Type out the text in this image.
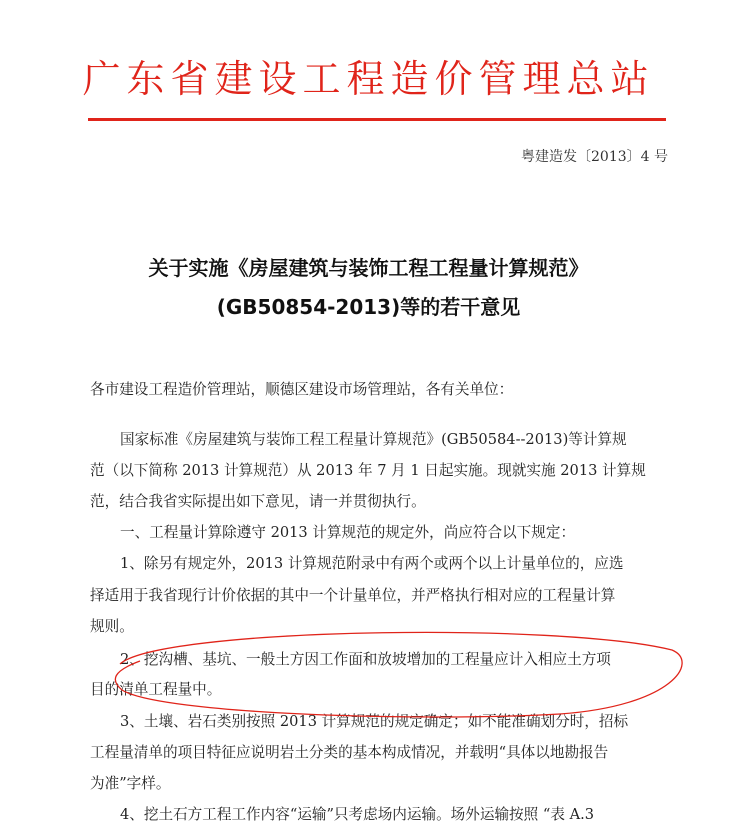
广东省建设工程造价管理总站
粤建造发〔2013〕4 号
关于实施《房屋建筑与装饰工程工程量计算规范》
(GB50854-2013)等的若干意见
各市建设工程造价管理站，顺德区建设市场管理站，各有关单位：
国家标准《房屋建筑与装饰工程工程量计算规范》(GB50584--2013)等计算规
范（以下简称 2013 计算规范）从 2013 年 7 月 1 日起实施。现就实施 2013 计算规
范，结合我省实际提出如下意见，请一并贯彻执行。
一、工程量计算除遵守 2013 计算规范的规定外，尚应符合以下规定：
1、除另有规定外，2013 计算规范附录中有两个或两个以上计量单位的，应选
择适用于我省现行计价依据的其中一个计量单位，并严格执行相对应的工程量计算
规则。
2、挖沟槽、基坑、一般土方因工作面和放坡增加的工程量应计入相应土方项
目的清单工程量中。
3、土壤、岩石类别按照 2013 计算规范的规定确定；如不能准确划分时，招标
工程量清单的项目特征应说明岩土分类的基本构成情况，并载明“具体以地勘报告
为准”字样。
4、挖土石方工程工作内容“运输”只考虑场内运输。场外运输按照 “表 A.3
